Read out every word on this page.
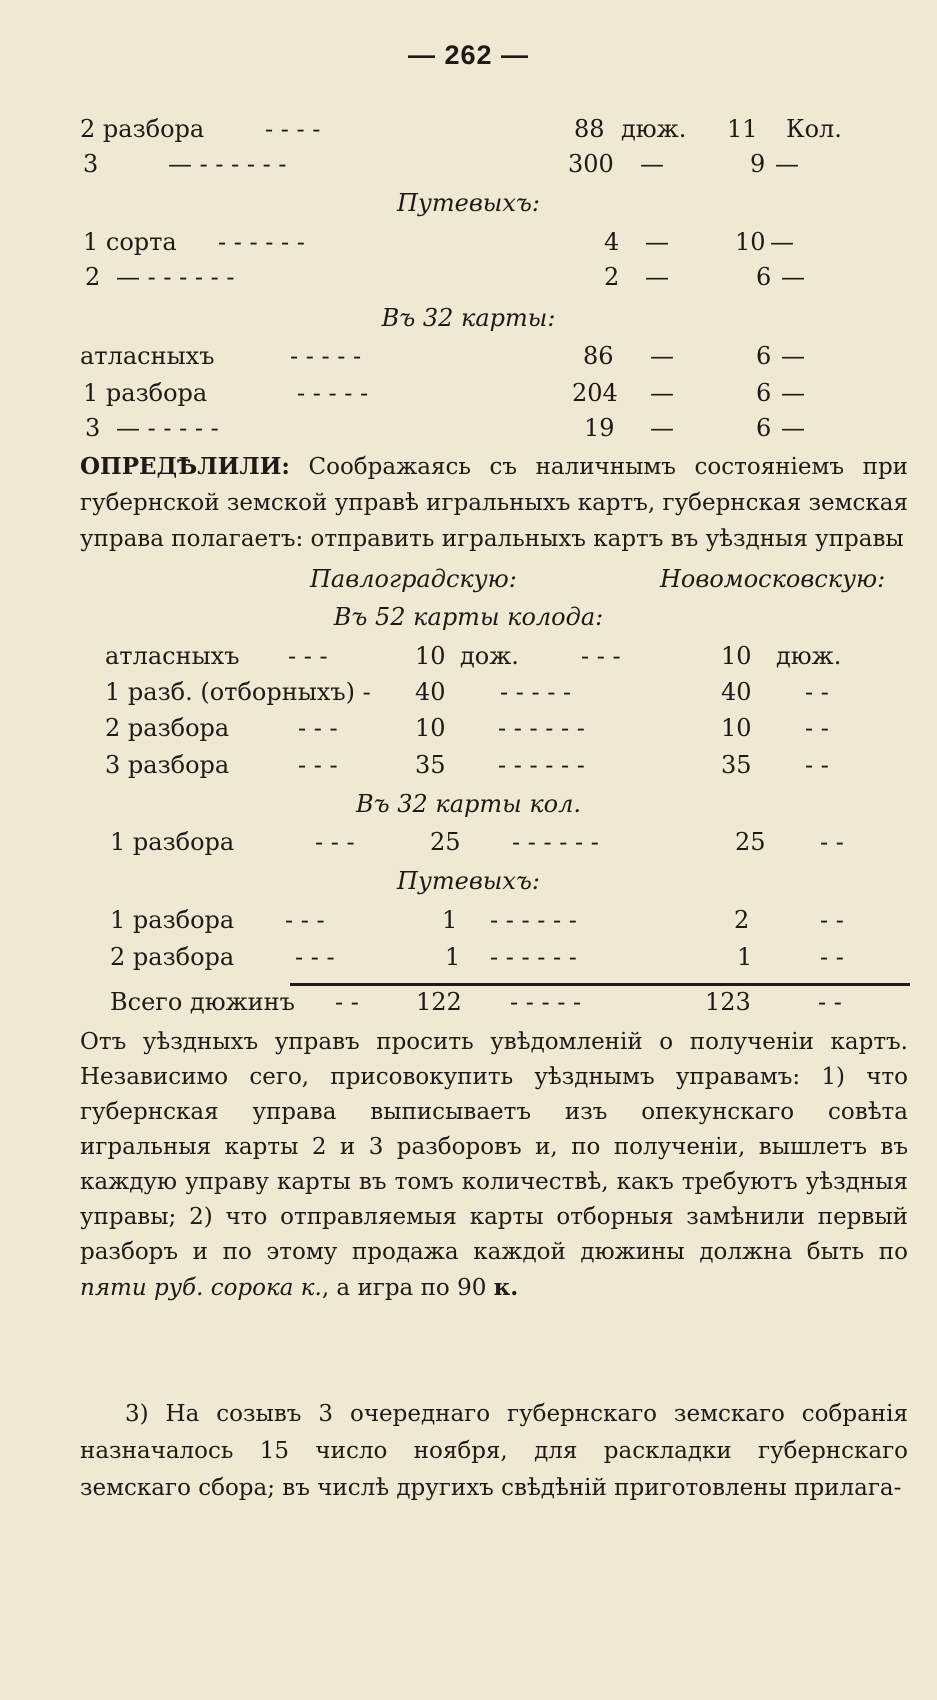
— 262 —
2 разбора	- - - -	88 дюж. 11 Кол.
3	— - - - - - -	300 —	9 —
Путевыхъ:
1 сорта - - - - - -	4 —	10 —
2 — - - - - - -	2 —	6 —
Въ 32 карты:
атласныхъ	- - - - -	86 —	6 —
1 разбора	- - - - -	204 —	6 —
3 — - - - - -	19 —	6 —
ОПРЕДѢЛИЛИ: Соображаясь съ наличнымъ состояніемъ при губернской земской управѣ игральныхъ картъ, губернская земская управа полагаетъ: отправить игральныхъ картъ въ уѣздныя управы
Павлоградскую:	Новомосковскую:
Въ 52 карты колода:
атласныхъ - - -	10 дож.	- - -	10 дюж.
1 разб. (отборныхъ) - 40 - - - - -	40 - -
2 разбора	- - -	10 - - - - - -	10 - -
3 разбора	- - -	35 - - - - - -	35 - -
Въ 32 карты кол.
1 разбора	- - -	25 - - - - - -	25 - -
Путевыхъ:
1 разбора - - -	1 - - - - - -	2	- -
2 разбора	- - -	1 - - - - - -	1	- -
Всего дюжинъ - - 122 - - - - -	123	- -
Отъ уѣздныхъ управъ просить увѣдомленій о полученіи картъ. Независимо сего, присовокупить уѣзднымъ управамъ: 1) что губернская управа выписываетъ изъ опекунскаго совѣта игральныя карты 2 и 3 разборовъ и, по полученіи, вышлетъ въ каждую управу карты въ томъ количествѣ, какъ требуютъ уѣздныя управы; 2) что отправляемыя карты отборныя замѣнили первый разборъ и по этому продажа каждой дюжины должна быть по пяти руб. сорока к., а игра по 90 к.
3) На созывъ 3 очереднаго губернскаго земскаго собранія назначалось 15 число ноября, для раскладки губернскаго земскаго сбора; въ числѣ другихъ свѣдѣній приготовлены прилага-
